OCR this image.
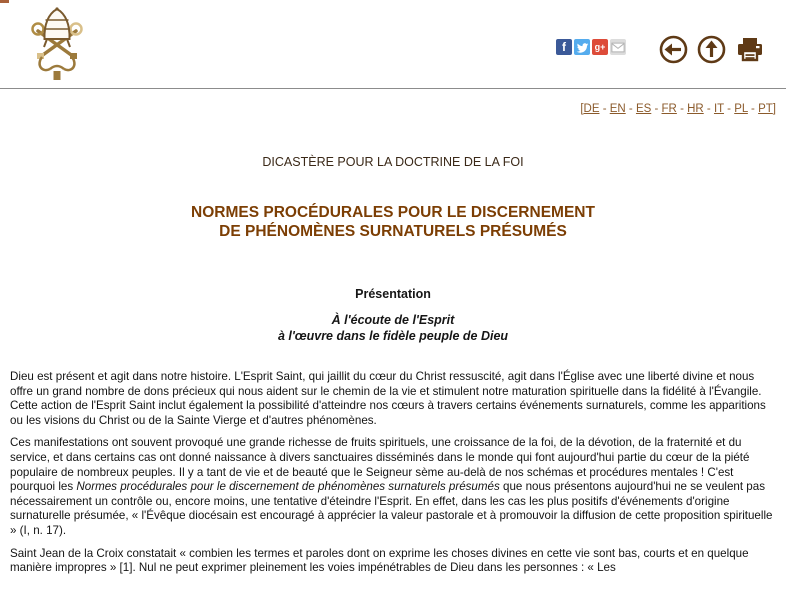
f	g+
[DE - EN - ES - FR - HR - IT - PL - PT]
DICASTÈRE POUR LA DOCTRINE DE LA FOI
NORMES PROCÉDURALES POUR LE DISCERNEMENT
DE PHÉNOMÈNES SURNATURELS PRÉSUMÉS
Présentation
À l'écoute de l'Esprit
à l'œuvre dans le fidèle peuple de Dieu

Dieu est présent et agit dans notre histoire. L'Esprit Saint, qui jaillit du cœur du Christ ressuscité, agit dans l'Église avec une liberté divine et nous offre un grand nombre de dons précieux qui nous aident sur le chemin de la vie et stimulent notre maturation spirituelle dans la fidélité à l'Évangile. Cette action de l'Esprit Saint inclut également la possibilité d'atteindre nos cœurs à travers certains événements surnaturels, comme les apparitions ou les visions du Christ ou de la Sainte Vierge et d'autres phénomènes.

Ces manifestations ont souvent provoqué une grande richesse de fruits spirituels, une croissance de la foi, de la dévotion, de la fraternité et du service, et dans certains cas ont donné naissance à divers sanctuaires disséminés dans le monde qui font aujourd'hui partie du cœur de la piété populaire de nombreux peuples. Il y a tant de vie et de beauté que le Seigneur sème au-delà de nos schémas et procédures mentales ! C'est pourquoi les Normes procédurales pour le discernement de phénomènes surnaturels présumés que nous présentons aujourd'hui ne se veulent pas nécessairement un contrôle ou, encore moins, une tentative d'éteindre l'Esprit. En effet, dans les cas les plus positifs d'événements d'origine surnaturelle présumée, « l'Évêque diocésain est encouragé à apprécier la valeur pastorale et à promouvoir la diffusion de cette proposition spirituelle » (I, n. 17).

Saint Jean de la Croix constatait « combien les termes et paroles dont on exprime les choses divines en cette vie sont bas, courts et en quelque manière impropres » [1]. Nul ne peut exprimer pleinement les voies impénétrables de Dieu dans les personnes : « Les
